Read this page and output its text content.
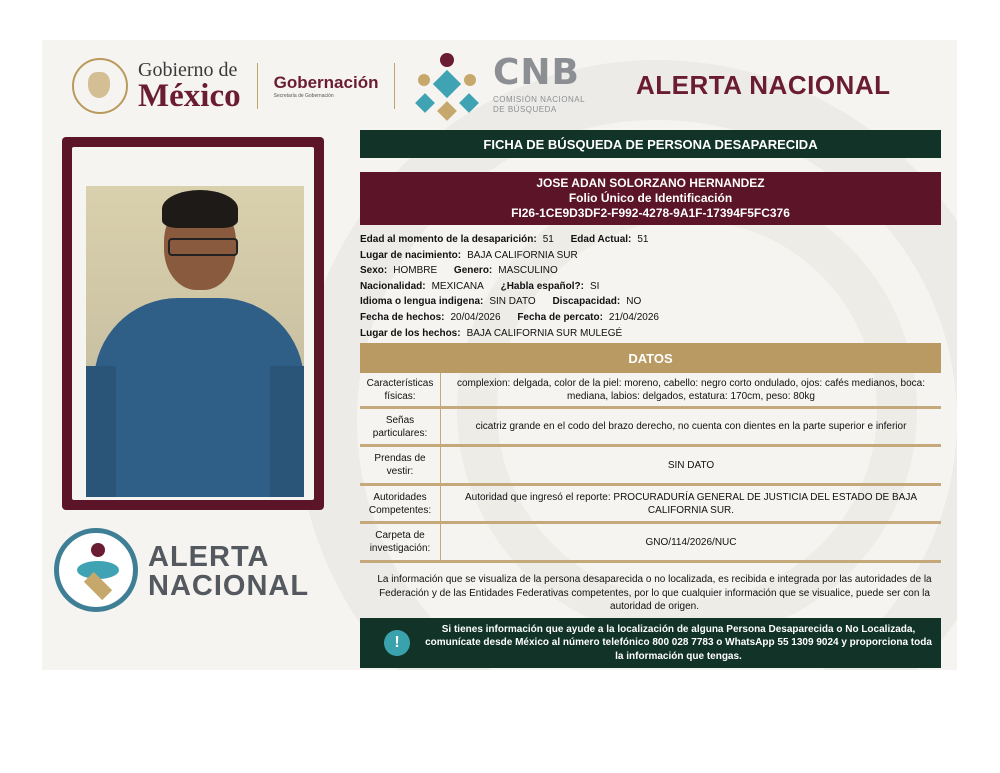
Gobierno de
México Gobernación
Secretaría de Gobernación
CNB
COMISIÓN NACIONAL
DE BÚSQUEDA
ALERTA NACIONAL
ALERTA
NACIONAL
FICHA DE BÚSQUEDA DE PERSONA DESAPARECIDA
JOSE ADAN SOLORZANO HERNANDEZ
Folio Único de Identificación
FI26-1CE9D3DF2-F992-4278-9A1F-17394F5FC376
Edad al momento de la desaparición: 51 Edad Actual: 51
Lugar de nacimiento: BAJA CALIFORNIA SUR
Sexo: HOMBRE Genero: MASCULINO
Nacionalidad: MEXICANA ¿Habla español?: SI
Idioma o lengua indigena: SIN DATO Discapacidad: NO
Fecha de hechos: 20/04/2026 Fecha de percato: 21/04/2026
Lugar de los hechos: BAJA CALIFORNIA SUR MULEGÉ
DATOS
Características físicas:
complexion: delgada, color de la piel: moreno, cabello: negro corto ondulado, ojos: cafés medianos, boca: mediana, labios: delgados, estatura: 170cm, peso: 80kg
Señas particulares:
cicatriz grande en el codo del brazo derecho, no cuenta con dientes en la parte superior e inferior
Prendas de vestir:
SIN DATO
Autoridades Competentes:
Autoridad que ingresó el reporte: PROCURADURÍA GENERAL DE JUSTICIA DEL ESTADO DE BAJA CALIFORNIA SUR.
Carpeta de investigación:
GNO/114/2026/NUC
La información que se visualiza de la persona desaparecida o no localizada, es recibida e integrada por las autoridades de la Federación y de las Entidades Federativas competentes, por lo que cualquier información que se visualice, puede ser con la autoridad de origen.
!
Si tienes información que ayude a la localización de alguna Persona Desaparecida o No Localizada, comunícate desde México al número telefónico 800 028 7783 o WhatsApp 55 1309 9024 y proporciona toda la información que tengas.
